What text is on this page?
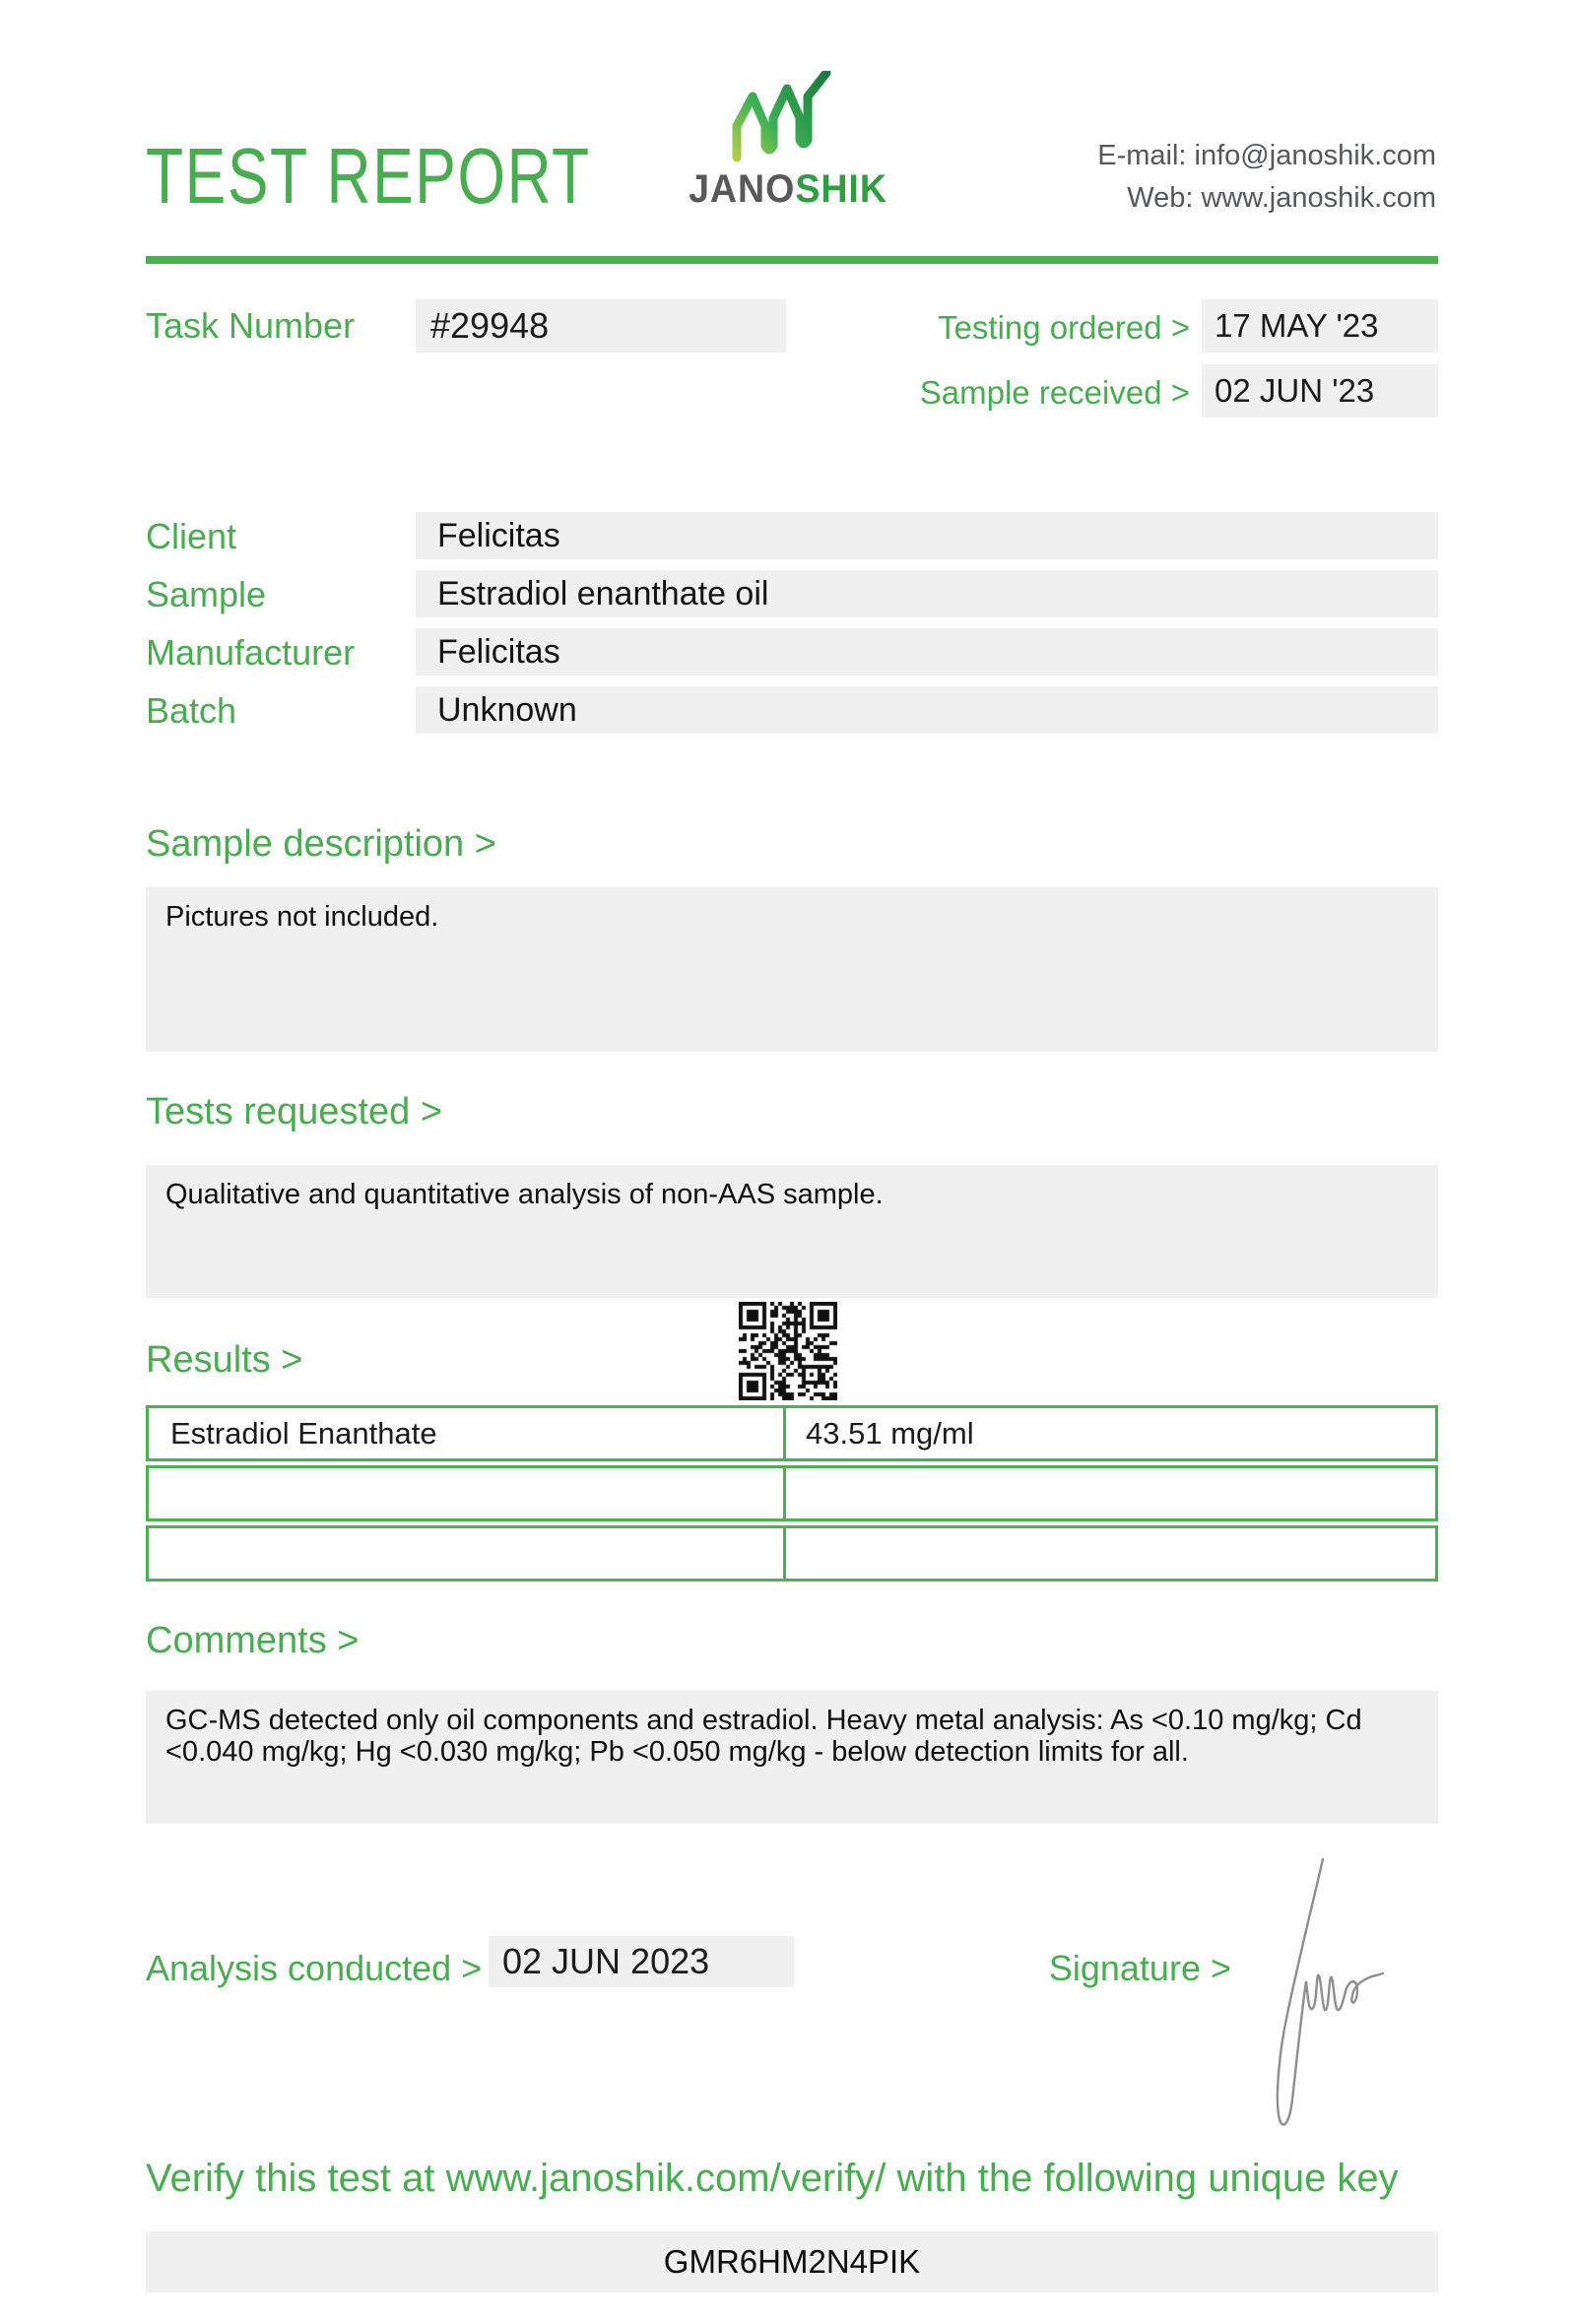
TEST REPORT JANOSHIK
E-mail: info@janoshik.com
Web: www.janoshik.com
Task Number	#29948	Testing ordered > 17 MAY '23
Sample received > 02 JUN '23
Client	Felicitas
Sample	Estradiol enanthate oil
Manufacturer	Felicitas
Batch	Unknown
Sample description >
Pictures not included.
Tests requested >
Qualitative and quantitative analysis of non-AAS sample.
Results >
Estradiol Enanthate	43.51 mg/ml
Comments >
GC-MS detected only oil components and estradiol. Heavy metal analysis: As <0.10 mg/kg; Cd <0.040 mg/kg; Hg <0.030 mg/kg; Pb <0.050 mg/kg - below detection limits for all.
Analysis conducted > 02 JUN 2023	Signature >
Verify this test at www.janoshik.com/verify/ with the following unique key
GMR6HM2N4PIK
